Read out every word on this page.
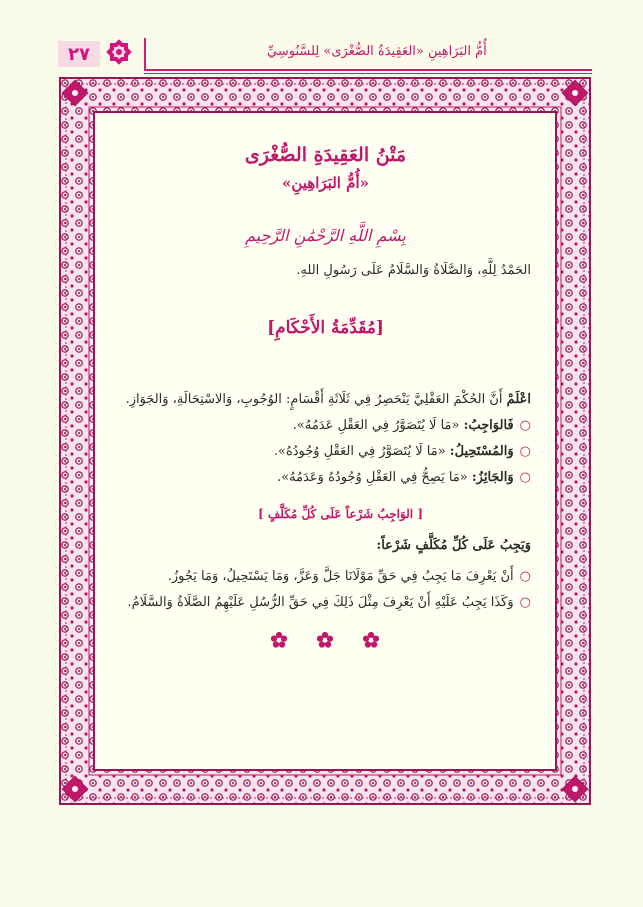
٢٧	أُمُّ البَرَاهِينِ «العَقِيدَةُ الصُّغْرَى» لِلسَّنُوسِيِّ
مَتْنُ العَقِيدَةِ الصُّغْرَى
«أُمُّ البَرَاهِينِ»
بِسْمِ اللَّهِ الرَّحْمَٰنِ الرَّحِيمِ
الحَمْدُ لِلَّهِ، وَالصَّلَاةُ وَالسَّلَامُ عَلَى رَسُولِ اللهِ.
[مُقَدِّمَةُ الأَحْكَامِ]
اعْلَمْ أَنَّ الحُكْمَ العَقْلِيَّ يَنْحَصِرُ فِي ثَلَاثَةِ أَقْسَامٍ: الوُجُوبِ، وَالاسْتِحَالَةِ، وَالجَوَازِ.
○فَالوَاجِبُ: «مَا لَا يُتَصَوَّرُ فِي العَقْلِ عَدَمُهُ».
○وَالمُسْتَحِيلُ: «مَا لَا يُتَصَوَّرُ فِي العَقْلِ وُجُودُهُ».
○وَالجَائِزُ: «مَا يَصِحُّ فِي العَقْلِ وُجُودُهُ وَعَدَمُهُ».
[ الوَاجِبُ شَرْعاً عَلَى كُلِّ مُكَلَّفٍ ]
وَيَجِبُ عَلَى كُلِّ مُكَلَّفٍ شَرْعاً:
○أَنْ يَعْرِفَ مَا يَجِبُ فِي حَقِّ مَوْلَانَا جَلَّ وَعَزَّ، وَمَا يَسْتَحِيلُ، وَمَا يَجُوزُ.
○وَكَذَا يَجِبُ عَلَيْهِ أَنْ يَعْرِفَ مِثْلَ ذَلِكَ فِي حَقِّ الرُّسُلِ عَلَيْهِمُ الصَّلَاةُ وَالسَّلَامُ.
